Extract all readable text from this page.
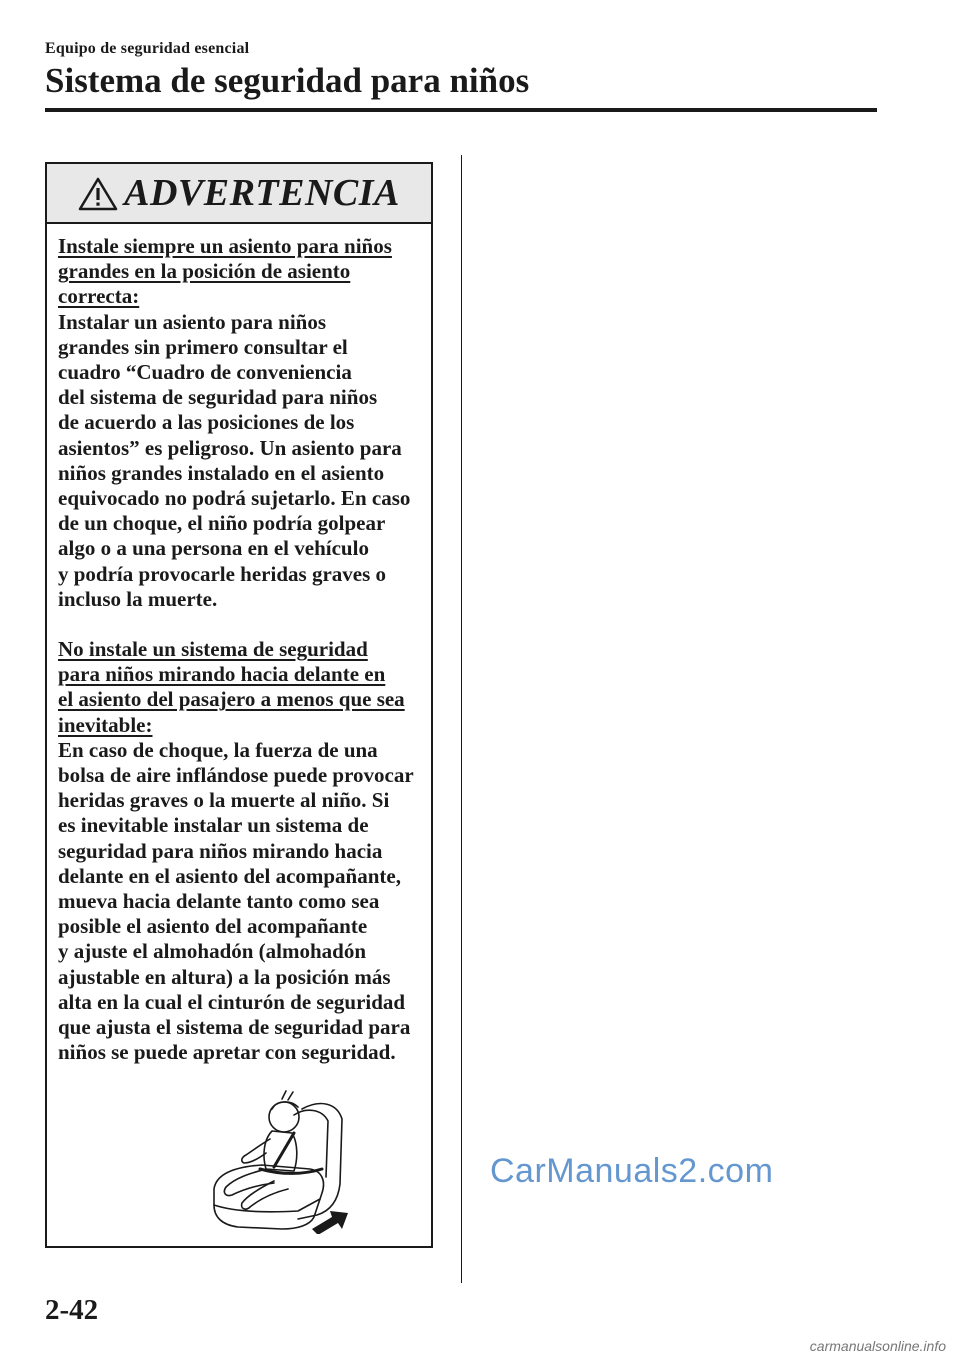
Equipo de seguridad esencial
Sistema de seguridad para niños
ADVERTENCIA
Instale siempre un asiento para niños
grandes en la posición de asiento
correcta:
Instalar un asiento para niños
grandes sin primero consultar el
cuadro “Cuadro de conveniencia
del sistema de seguridad para niños
de acuerdo a las posiciones de los
asientos” es peligroso. Un asiento para
niños grandes instalado en el asiento
equivocado no podrá sujetarlo. En caso
de un choque, el niño podría golpear
algo o a una persona en el vehículo
y podría provocarle heridas graves o
incluso la muerte.
No instale un sistema de seguridad
para niños mirando hacia delante en
el asiento del pasajero a menos que sea
inevitable:
En caso de choque, la fuerza de una
bolsa de aire inflándose puede provocar
heridas graves o la muerte al niño. Si
es inevitable instalar un sistema de
seguridad para niños mirando hacia
delante en el asiento del acompañante,
mueva hacia delante tanto como sea
posible el asiento del acompañante
y ajuste el almohadón (almohadón
ajustable en altura) a la posición más
alta en la cual el cinturón de seguridad
que ajusta el sistema de seguridad para
niños se puede apretar con seguridad.
2-42
CarManuals2.com
carmanualsonline.info
